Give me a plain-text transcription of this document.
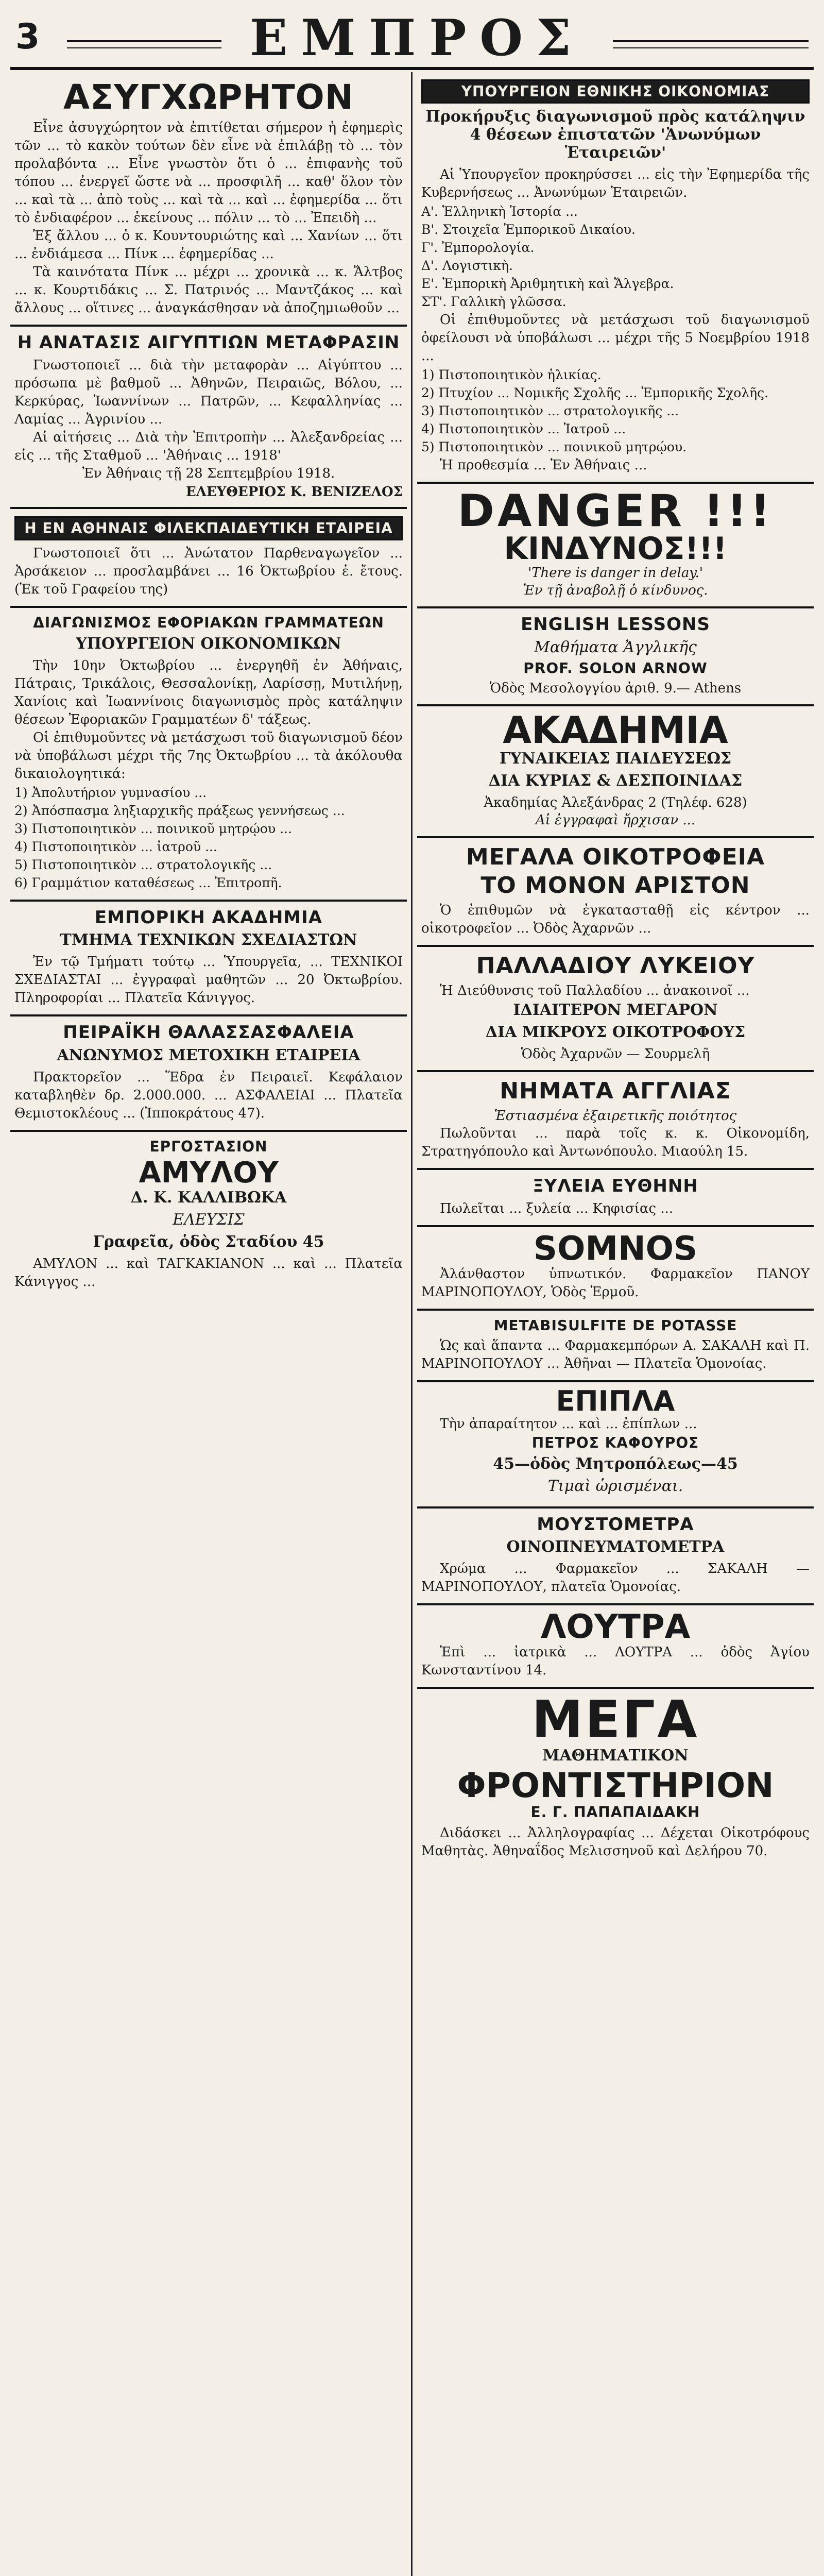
3	ΕΜΠΡΟΣ
ΑΣΥΓΧΩΡΗΤΟΝ

Εἶνε ἀσυγχώρητον νὰ ἐπιτίθεται σήμερον ἡ ἐφημερὶς τῶν ... τὸ κακὸν τούτων δὲν εἶνε νὰ ἐπιλάβῃ τὸ ... τὸν προλαβόντα ... Εἶνε γνωστὸν ὅτι ὁ ... ἐπιφανὴς τοῦ τόπου ... ἐνεργεῖ ὥστε νὰ ... προσφιλῆ ... καθ' ὅλον τὸν ... καὶ τὰ ... ἀπὸ τοὺς ... καὶ τὰ ... καὶ ... ἐφημερίδα ... ὅτι τὸ ἐνδιαφέρον ... ἐκείνους ... πόλιν ... τὸ ... Ἐπειδὴ ...

Ἐξ ἄλλου ... ὁ κ. Κουντουριώτης καὶ ... Χανίων ... ὅτι ... ἐνδιάμεσα ... Πίνκ ... ἐφημερίδας ...

Τὰ καινότατα Πίνκ ... μέχρι ... χρονικὰ ... κ. Ἄλτβος ... κ. Κουρτιδάκις ... Σ. Πατρινός ... Μαντζάκος ... καὶ ἄλλους ... οἵτινες ... ἀναγκάσθησαν νὰ ἀποζημιωθοῦν ...

Η ΑΝΑΤΑΣΙΣ ΑΙΓΥΠΤΙΩΝ ΜΕΤΑΦΡΑΣΙΝ

Γνωστοποιεῖ ... διὰ τὴν μεταφορὰν ... Αἰγύπτου ... πρόσωπα μὲ βαθμοῦ ... Ἀθηνῶν, Πειραιῶς, Βόλου, ... Κερκύρας, Ἰωαννίνων ... Πατρῶν, ... Κεφαλληνίας ... Λαμίας ... Ἀγρινίου ...

Αἱ αἰτήσεις ... Διὰ τὴν Ἐπιτροπὴν ... Ἀλεξανδρείας ... εἰς ... τῆς Σταθμοῦ ... 'Ἀθήναις ... 1918'

Ἐν Ἀθήναις τῇ 28 Σεπτεμβρίου 1918.
ΕΛΕΥΘΕΡΙΟΣ Κ. ΒΕΝΙΖΕΛΟΣ
Η ΕΝ ΑΘΗΝΑΙΣ ΦΙΛΕΚΠΑΙΔΕΥΤΙΚΗ ΕΤΑΙΡΕΙΑ

Γνωστοποιεῖ ὅτι ... Ἀνώτατον Παρθεναγωγεῖον ... Ἀρσάκειον ... προσλαμβάνει ... 16 Ὀκτωβρίου ἐ. ἔτους. (Ἐκ τοῦ Γραφείου της)

ΔΙΑΓΩΝΙΣΜΟΣ ΕΦΟΡΙΑΚΩΝ ΓΡΑΜΜΑΤΕΩΝ
ΥΠΟΥΡΓΕΙΟΝ ΟΙΚΟΝΟΜΙΚΩΝ

Τὴν 10ην Ὀκτωβρίου ... ἐνεργηθῆ ἐν Ἀθήναις, Πάτραις, Τρικάλοις, Θεσσαλονίκῃ, Λαρίσσῃ, Μυτιλήνῃ, Χανίοις καὶ Ἰωαννίνοις διαγωνισμὸς πρὸς κατάληψιν θέσεων Ἐφοριακῶν Γραμματέων δ' τάξεως.

Οἱ ἐπιθυμοῦντες νὰ μετάσχωσι τοῦ διαγωνισμοῦ δέον νὰ ὑποβάλωσι μέχρι τῆς 7ης Ὀκτωβρίου ... τὰ ἀκόλουθα δικαιολογητικά:

1) Ἀπολυτήριον γυμνασίου ...
2) Ἀπόσπασμα ληξιαρχικῆς πράξεως γεννήσεως ...
3) Πιστοποιητικὸν ... ποινικοῦ μητρῴου ...
4) Πιστοποιητικὸν ... ἰατροῦ ...
5) Πιστοποιητικὸν ... στρατολογικῆς ...
6) Γραμμάτιον καταθέσεως ... Ἐπιτροπῆ.
ΕΜΠΟΡΙΚΗ ΑΚΑΔΗΜΙΑ
ΤΜΗΜΑ ΤΕΧΝΙΚΩΝ ΣΧΕΔΙΑΣΤΩΝ

Ἐν τῷ Τμήματι τούτῳ ... Ὑπουργεῖα, ... ΤΕΧΝΙΚΟΙ ΣΧΕΔΙΑΣΤΑΙ ... ἐγγραφαὶ μαθητῶν ... 20 Ὀκτωβρίου. Πληροφορίαι ... Πλατεῖα Κάνιγγος.

ΠΕΙΡΑΪΚΗ ΘΑΛΑΣΣΑΣΦΑΛΕΙΑ
ΑΝΩΝΥΜΟΣ ΜΕΤΟΧΙΚΗ ΕΤΑΙΡΕΙΑ

Πρακτορεῖον ... Ἕδρα ἐν Πειραιεῖ. Κεφάλαιον καταβληθὲν δρ. 2.000.000. ... ΑΣΦΑΛΕΙΑΙ ... Πλατεῖα Θεμιστοκλέους ... (Ἰπποκράτους 47).

ΕΡΓΟΣΤΑΣΙΟΝ
ΑΜΥΛΟΥ
Δ. Κ. ΚΑΛΛΙΒΩΚΑ
ΕΛΕΥΣΙΣ
Γραφεῖα, ὁδὸς Σταδίου 45

ΑΜΥΛΟΝ ... καὶ ΤΑΓΚΑΚΙΑΝΟΝ ... καὶ ... Πλατεῖα Κάνιγγος ...

ΥΠΟΥΡΓΕΙΟΝ ΕΘΝΙΚΗΣ ΟΙΚΟΝΟΜΙΑΣ
Προκήρυξις διαγωνισμοῦ πρὸς κατάληψιν 4 θέσεων ἐπιστατῶν 'Ἀνωνύμων Ἑταιρειῶν'

Αἱ Ὑπουργεῖον προκηρύσσει ... εἰς τὴν Ἐφημερίδα τῆς Κυβερνήσεως ... Ἀνωνύμων Ἑταιρειῶν.

Α'. Ἑλληνικὴ Ἱστορία ...
Β'. Στοιχεῖα Ἐμπορικοῦ Δικαίου.
Γ'. Ἐμπορολογία.
Δ'. Λογιστικὴ.
Ε'. Ἐμπορικὴ Ἀριθμητικὴ καὶ Ἄλγεβρα.
ΣΤ'. Γαλλικὴ γλῶσσα.

Οἱ ἐπιθυμοῦντες νὰ μετάσχωσι τοῦ διαγωνισμοῦ ὀφείλουσι νὰ ὑποβάλωσι ... μέχρι τῆς 5 Νοεμβρίου 1918 ...

1) Πιστοποιητικὸν ἡλικίας.
2) Πτυχίον ... Νομικῆς Σχολῆς ... Ἐμπορικῆς Σχολῆς.
3) Πιστοποιητικὸν ... στρατολογικῆς ...
4) Πιστοποιητικὸν ... Ἰατροῦ ...
5) Πιστοποιητικὸν ... ποινικοῦ μητρῴου.

Ἡ προθεσμία ... Ἐν Ἀθήναις ...

DANGER !!!
ΚΙΝΔΥΝΟΣ!!!
'There is danger in delay.'
Ἐν τῇ ἀναβολῇ ὁ κίνδυνος.
ENGLISH LESSONS
Μαθήματα Ἀγγλικῆς
PROF. SOLON ARNOW
Ὁδὸς Μεσολογγίου ἀριθ. 9.— Athens
ΑΚΑΔΗΜΙΑ
ΓΥΝΑΙΚΕΙΑΣ ΠΑΙΔΕΥΣΕΩΣ
ΔΙΑ ΚΥΡΙΑΣ & ΔΕΣΠΟΙΝΙΔΑΣ
Ἀκαδημίας Ἀλεξάνδρας 2 (Τηλέφ. 628)
Αἱ ἐγγραφαὶ ἤρχισαν ...
ΜΕΓΑΛΑ ΟΙΚΟΤΡΟΦΕΙΑ
ΤΟ ΜΟΝΟΝ ΑΡΙΣΤΟΝ

Ὁ ἐπιθυμῶν νὰ ἐγκατασταθῇ εἰς κέντρον ... οἰκοτροφεῖον ... Ὀδὸς Ἀχαρνῶν ...

ΠΑΛΛΑΔΙΟΥ ΛΥΚΕΙΟΥ

Ἡ Διεύθυνσις τοῦ Παλλαδίου ... ἀνακοινοῖ ...

ΙΔΙΑΙΤΕΡΟΝ ΜΕΓΑΡΟΝ
ΔΙΑ ΜΙΚΡΟΥΣ ΟΙΚΟΤΡΟΦΟΥΣ
Ὁδὸς Ἀχαρνῶν — Σουρμελῆ
ΝΗΜΑΤΑ ΑΓΓΛΙΑΣ
Ἑστιασμένα ἐξαιρετικῆς ποιότητος

Πωλοῦνται ... παρὰ τοῖς κ. κ. Οἰκονομίδη, Στρατηγόπουλο καὶ Ἀντωνόπουλο. Μιαούλη 15.

ΞΥΛΕΙΑ ΕΥΘΗΝΗ

Πωλεῖται ... ξυλεία ... Κηφισίας ...

SOMNOS

Ἀλάνθαστον ὑπνωτικόν. Φαρμακεῖον ΠΑΝΟΥ ΜΑΡΙΝΟΠΟΥΛΟΥ, Ὁδὸς Ἑρμοῦ.

METABISULFITE DE POTASSE

Ὡς καὶ ἅπαντα ... Φαρμακεμπόρων Α. ΣΑΚΑΛΗ καὶ Π. ΜΑΡΙΝΟΠΟΥΛΟΥ ... Ἀθῆναι — Πλατεῖα Ὁμονοίας.

ΕΠΙΠΛΑ

Τὴν ἀπαραίτητον ... καὶ ... ἐπίπλων ...

ΠΕΤΡΟΣ ΚΑΦΟΥΡΟΣ
45—ὁδὸς Μητροπόλεως—45
Τιμαὶ ὡρισμέναι.
ΜΟΥΣΤΟΜΕΤΡΑ
ΟΙΝΟΠΝΕΥΜΑΤΟΜΕΤΡΑ

Χρώμα ... Φαρμακεῖον ... ΣΑΚΑΛΗ — ΜΑΡΙΝΟΠΟΥΛΟΥ, πλατεῖα Ὁμονοίας.

ΛΟΥΤΡΑ

Ἐπὶ ... ἰατρικὰ ... ΛΟΥΤΡΑ ... ὁδὸς Ἀγίου Κωνσταντίνου 14.

ΜΕΓΑ
ΜΑΘΗΜΑΤΙΚΟΝ
ΦΡΟΝΤΙΣΤΗΡΙΟΝ
Ε. Γ. ΠΑΠΑΠΑΙΔΑΚΗ

Διδάσκει ... Ἀλληλογραφίας ... Δέχεται Οἰκοτρόφους Μαθητὰς. Ἀθηναΐδος Μελισσηνοῦ καὶ Δελήρου 70.
